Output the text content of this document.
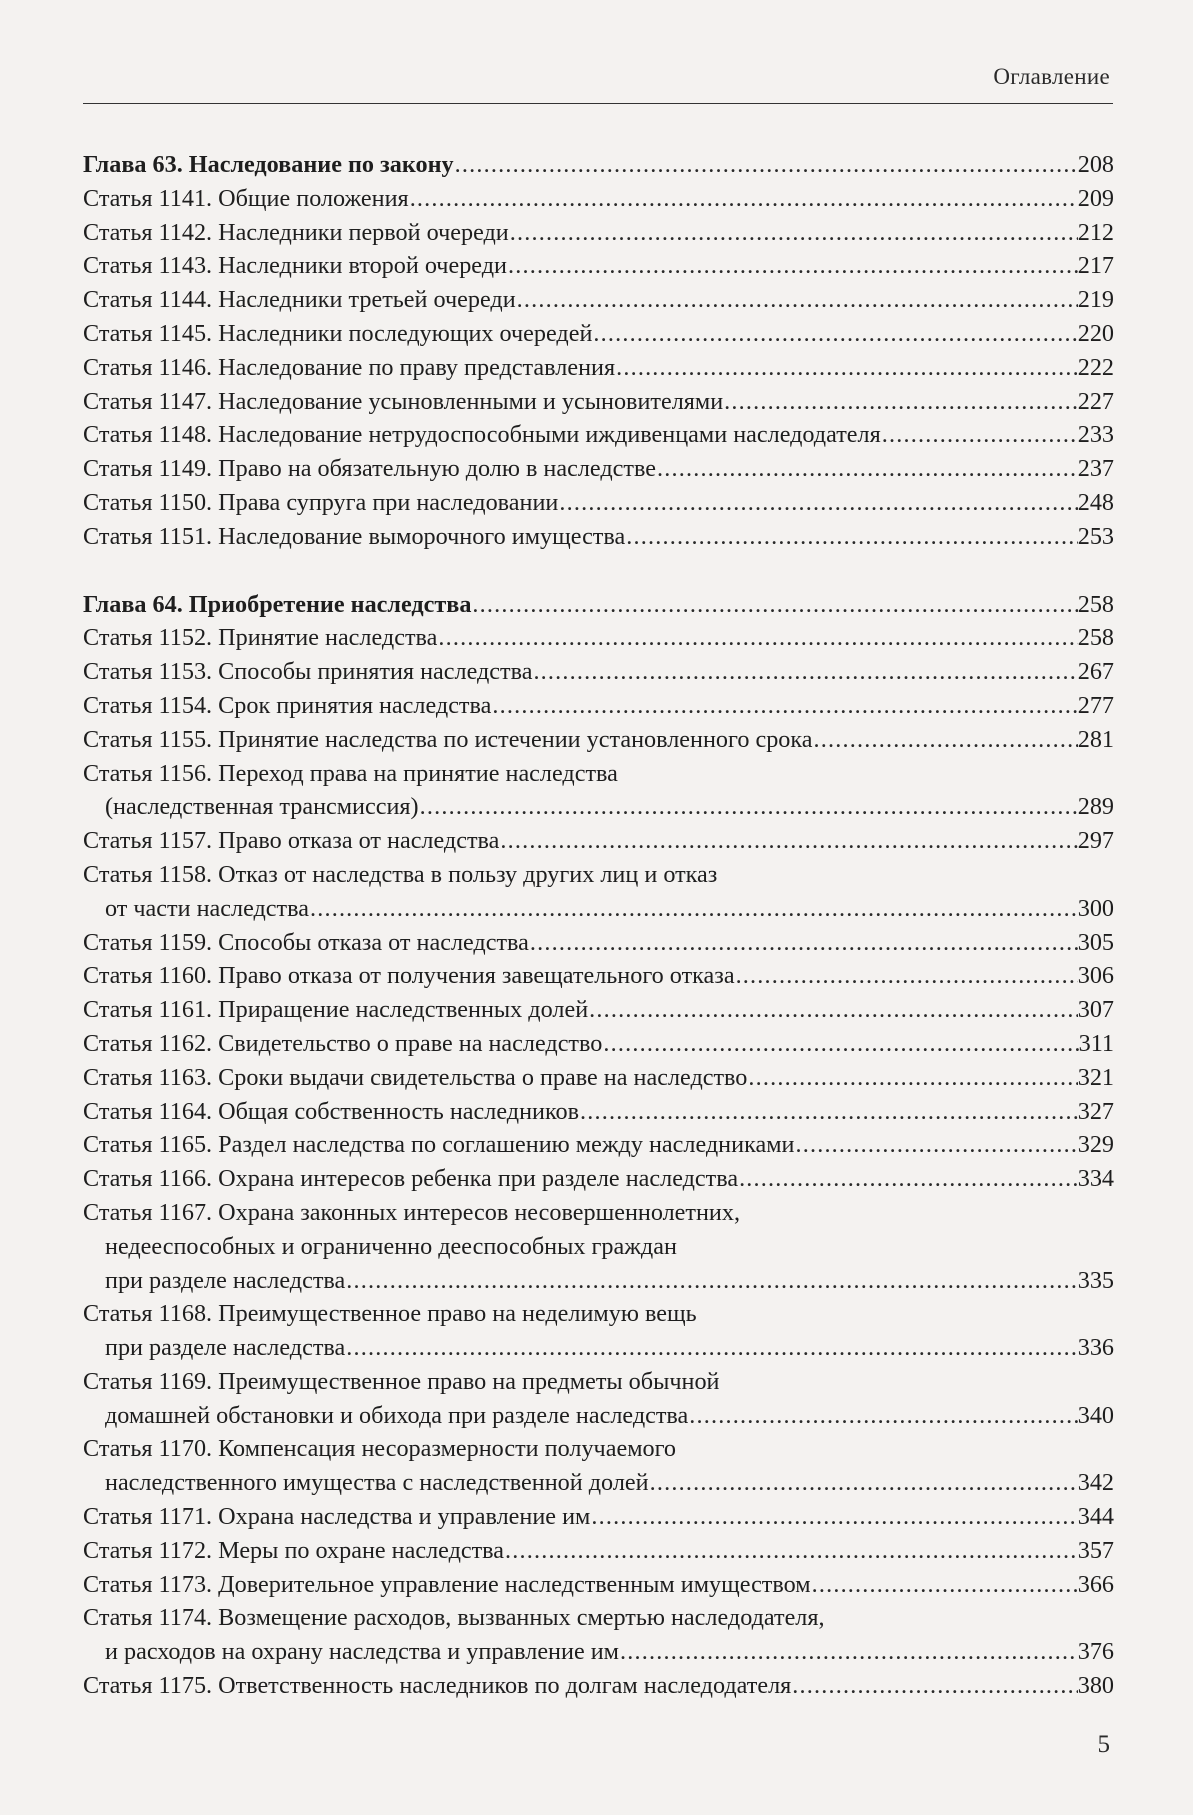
Оглавление
Глава 63. Наследование по закону .....	208
Статья 1141. Общие положения .....	209
Статья 1142. Наследники первой очереди .....	212
Статья 1143. Наследники второй очереди .....	217
Статья 1144. Наследники третьей очереди .....	219
Статья 1145. Наследники последующих очередей .....	220
Статья 1146. Наследование по праву представления .....	222
Статья 1147. Наследование усыновленными и усыновителями .....	227
Статья 1148. Наследование нетрудоспособными иждивенцами наследодателя .....	233
Статья 1149. Право на обязательную долю в наследстве .....	237
Статья 1150. Права супруга при наследовании .....	248
Статья 1151. Наследование выморочного имущества .....	253
Глава 64. Приобретение наследства .....	258
Статья 1152. Принятие наследства .....	258
Статья 1153. Способы принятия наследства .....	267
Статья 1154. Срок принятия наследства .....	277
Статья 1155. Принятие наследства по истечении установленного срока .....	281
Статья 1156. Переход права на принятие наследства
(наследственная трансмиссия) .....	289
Статья 1157. Право отказа от наследства .....	297
Статья 1158. Отказ от наследства в пользу других лиц и отказ
от части наследства .....	300
Статья 1159. Способы отказа от наследства .....	305
Статья 1160. Право отказа от получения завещательного отказа .....	306
Статья 1161. Приращение наследственных долей .....	307
Статья 1162. Свидетельство о праве на наследство .....	311
Статья 1163. Сроки выдачи свидетельства о праве на наследство .....	321
Статья 1164. Общая собственность наследников .....	327
Статья 1165. Раздел наследства по соглашению между наследниками .....	329
Статья 1166. Охрана интересов ребенка при разделе наследства .....	334
Статья 1167. Охрана законных интересов несовершеннолетних,
недееспособных и ограниченно дееспособных граждан
при разделе наследства .....	335
Статья 1168. Преимущественное право на неделимую вещь
при разделе наследства .....	336
Статья 1169. Преимущественное право на предметы обычной
домашней обстановки и обихода при разделе наследства .....	340
Статья 1170. Компенсация несоразмерности получаемого
наследственного имущества с наследственной долей .....	342
Статья 1171. Охрана наследства и управление им .....	344
Статья 1172. Меры по охране наследства .....	357
Статья 1173. Доверительное управление наследственным имуществом .....	366
Статья 1174. Возмещение расходов, вызванных смертью наследодателя,
и расходов на охрану наследства и управление им .....	376
Статья 1175. Ответственность наследников по долгам наследодателя .....	380
5
